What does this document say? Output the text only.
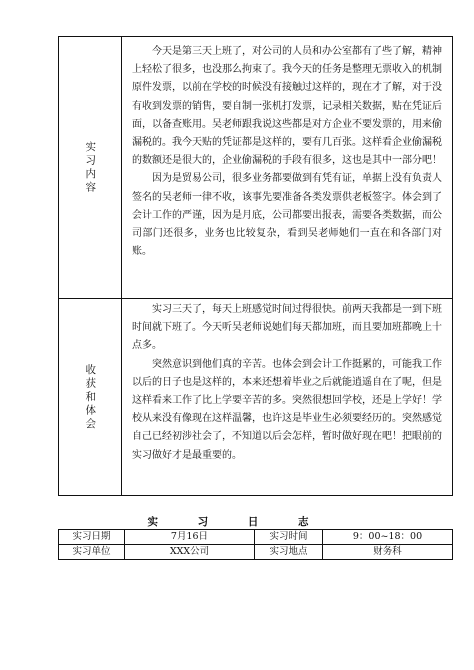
实习内容

今天是第三天上班了，对公司的人员和办公室都有了些了解，精神上轻松了很多，也没那么拘束了。我今天的任务是整理无票收入的机制原件发票，以前在学校的时候没有接触过这样的，现在才了解，对于没有收到发票的销售，要自制一张机打发票，记录相关数据，贴在凭证后面，以备查账用。吴老师跟我说这些都是对方企业不要发票的，用来偷漏税的。我今天贴的凭证都是这样的，要有几百张。这样看企业偷漏税的数额还是很大的，企业偷漏税的手段有很多，这也是其中一部分吧！

因为是贸易公司，很多业务都要做到有凭有证，单据上没有负责人签名的吴老师一律不收，该事先要准备各类发票供老板签字。体会到了会计工作的严谨，因为是月底，公司都要出报表，需要各类数据，而公司部门还很多，业务也比较复杂，看到吴老师她们一直在和各部门对账。

收获和体会

实习三天了，每天上班感觉时间过得很快。前两天我都是一到下班时间就下班了。今天听吴老师说她们每天都加班，而且要加班都晚上十点多。

突然意识到他们真的辛苦。也体会到会计工作挺累的，可能我工作以后的日子也是这样的，本来还想着毕业之后就能逍遥自在了呢，但是这样看来工作了比上学要辛苦的多。突然很想回学校，还是上学好！学校从来没有像现在这样温馨，也许这是毕业生必须要经历的。突然感觉自己已经初涉社会了，不知道以后会怎样，暂时做好现在吧！把眼前的实习做好才是最重要的。

实 习 日 志
实习日期	7月16日	实习时间	9：00~18：00
实习单位	XXX公司	实习地点	财务科
